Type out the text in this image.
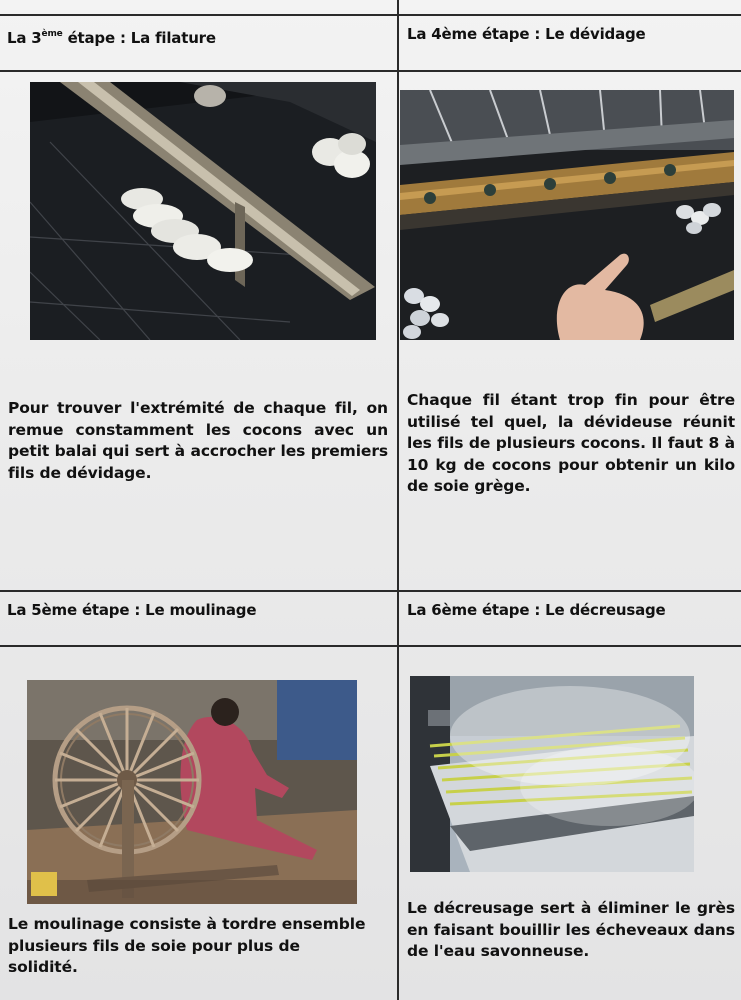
La 3ème étape : La filature
Pour trouver l'extrémité de chaque fil, on remue constamment les cocons avec un petit balai qui sert à accrocher les premiers fils de dévidage.
La 4ème étape : Le dévidage
Chaque fil étant trop fin pour être utilisé tel quel, la dévideuse réunit les fils de plusieurs cocons. Il faut 8 à 10 kg de cocons pour obtenir un kilo de soie grège.
La 5ème étape : Le moulinage
Le moulinage consiste à tordre ensemble plusieurs fils de soie pour plus de solidité.
La 6ème étape : Le décreusage
Le décreusage sert à éliminer le grès en faisant bouillir les écheveaux dans de l'eau savonneuse.
